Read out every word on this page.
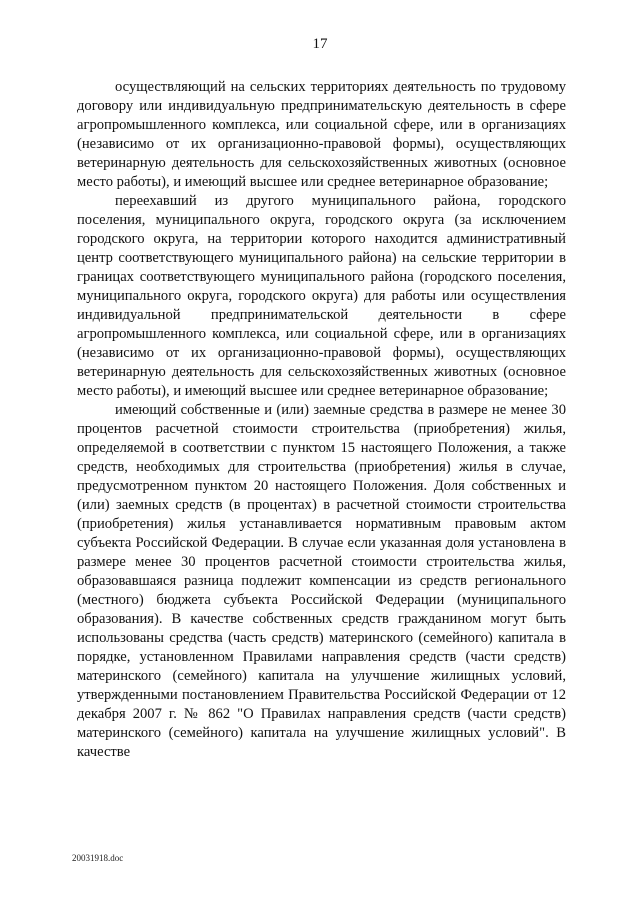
17

осуществляющий на сельских территориях деятельность по трудовому договору или индивидуальную предпринимательскую деятельность в сфере агропромышленного комплекса, или социальной сфере, или в организациях (независимо от их организационно-правовой формы), осуществляющих ветеринарную деятельность для сельскохозяйственных животных (основное место работы), и имеющий высшее или среднее ветеринарное образование;

переехавший из другого муниципального района, городского поселения, муниципального округа, городского округа (за исключением городского округа, на территории которого находится административный центр соответствующего муниципального района) на сельские территории в границах соответствующего муниципального района (городского поселения, муниципального округа, городского округа) для работы или осуществления индивидуальной предпринимательской деятельности в сфере агропромышленного комплекса, или социальной сфере, или в организациях (независимо от их организационно-правовой формы), осуществляющих ветеринарную деятельность для сельскохозяйственных животных (основное место работы), и имеющий высшее или среднее ветеринарное образование;

имеющий собственные и (или) заемные средства в размере не менее 30 процентов расчетной стоимости строительства (приобретения) жилья, определяемой в соответствии с пунктом 15 настоящего Положения, а также средств, необходимых для строительства (приобретения) жилья в случае, предусмотренном пунктом 20 настоящего Положения. Доля собственных и (или) заемных средств (в процентах) в расчетной стоимости строительства (приобретения) жилья устанавливается нормативным правовым актом субъекта Российской Федерации. В случае если указанная доля установлена в размере менее 30 процентов расчетной стоимости строительства жилья, образовавшаяся разница подлежит компенсации из средств регионального (местного) бюджета субъекта Российской Федерации (муниципального образования). В качестве собственных средств гражданином могут быть использованы средства (часть средств) материнского (семейного) капитала в порядке, установленном Правилами направления средств (части средств) материнского (семейного) капитала на улучшение жилищных условий, утвержденными постановлением Правительства Российской Федерации от 12 декабря 2007 г. № 862 "О Правилах направления средств (части средств) материнского (семейного) капитала на улучшение жилищных условий". В качестве

20031918.doc
